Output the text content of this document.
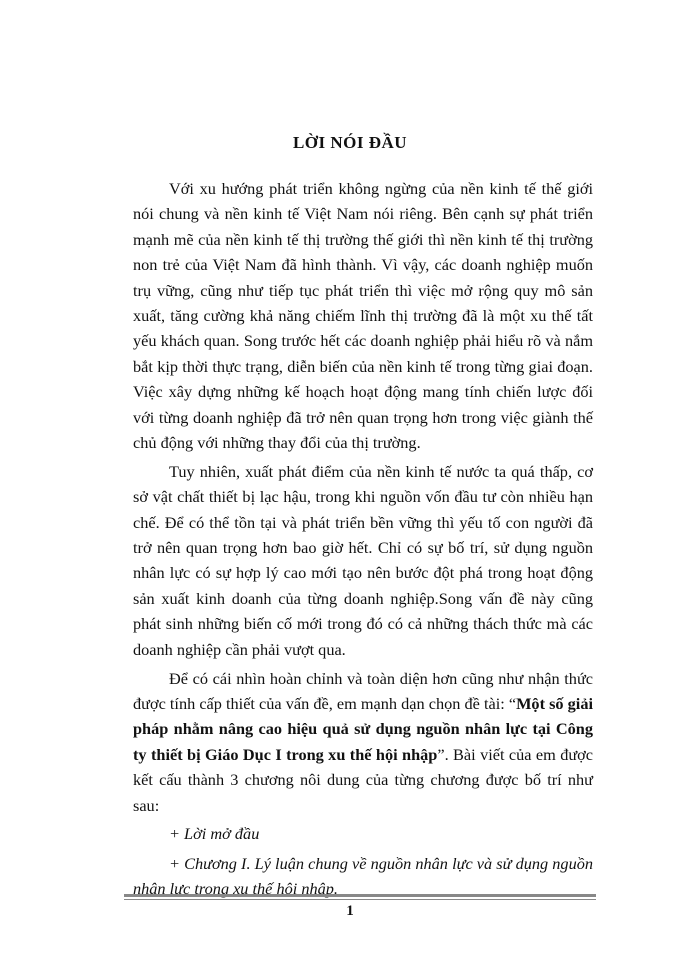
LỜI NÓI ĐẦU

Với xu hướng phát triển không ngừng của nền kinh tế thế giới nói chung và nền kinh tế Việt Nam nói riêng. Bên cạnh sự phát triển mạnh mẽ của nền kinh tế thị trường thế giới thì nền kinh tế thị trường non trẻ của Việt Nam đã hình thành. Vì vậy, các doanh nghiệp muốn trụ vững, cũng như tiếp tục phát triển thì việc mở rộng quy mô sản xuất, tăng cường khả năng chiếm lĩnh thị trường đã là một xu thế tất yếu khách quan. Song trước hết các doanh nghiệp phải hiểu rõ và nắm bắt kịp thời thực trạng, diễn biến của nền kinh tế trong từng giai đoạn. Việc xây dựng những kế hoạch hoạt động mang tính chiến lược đối với từng doanh nghiệp đã trở nên quan trọng hơn trong việc giành thế chủ động với những thay đổi của thị trường.

Tuy nhiên, xuất phát điểm của nền kinh tế nước ta quá thấp, cơ sở vật chất thiết bị lạc hậu, trong khi nguồn vốn đầu tư còn nhiều hạn chế. Để có thể tồn tại và phát triển bền vững thì yếu tố con người đã trở nên quan trọng hơn bao giờ hết. Chỉ có sự bố trí, sử dụng nguồn nhân lực có sự hợp lý cao mới tạo nên bước đột phá trong hoạt động sản xuất kinh doanh của từng doanh nghiệp.Song vấn đề này cũng phát sinh những biến cố mới trong đó có cả những thách thức mà các doanh nghiệp cần phải vượt qua.

Để có cái nhìn hoàn chỉnh và toàn diện hơn cũng như nhận thức được tính cấp thiết của vấn đề, em mạnh dạn chọn đề tài: “Một số giải pháp nhằm nâng cao hiệu quả sử dụng nguồn nhân lực tại Công ty thiết bị Giáo Dục I trong xu thế hội nhập”. Bài viết của em được kết cấu thành 3 chương nôi dung của từng chương được bố trí như sau:

+ Lời mở đầu

+ Chương I. Lý luận chung về nguồn nhân lực và sử dụng nguồn nhân lực trong xu thế hội nhập.

1
